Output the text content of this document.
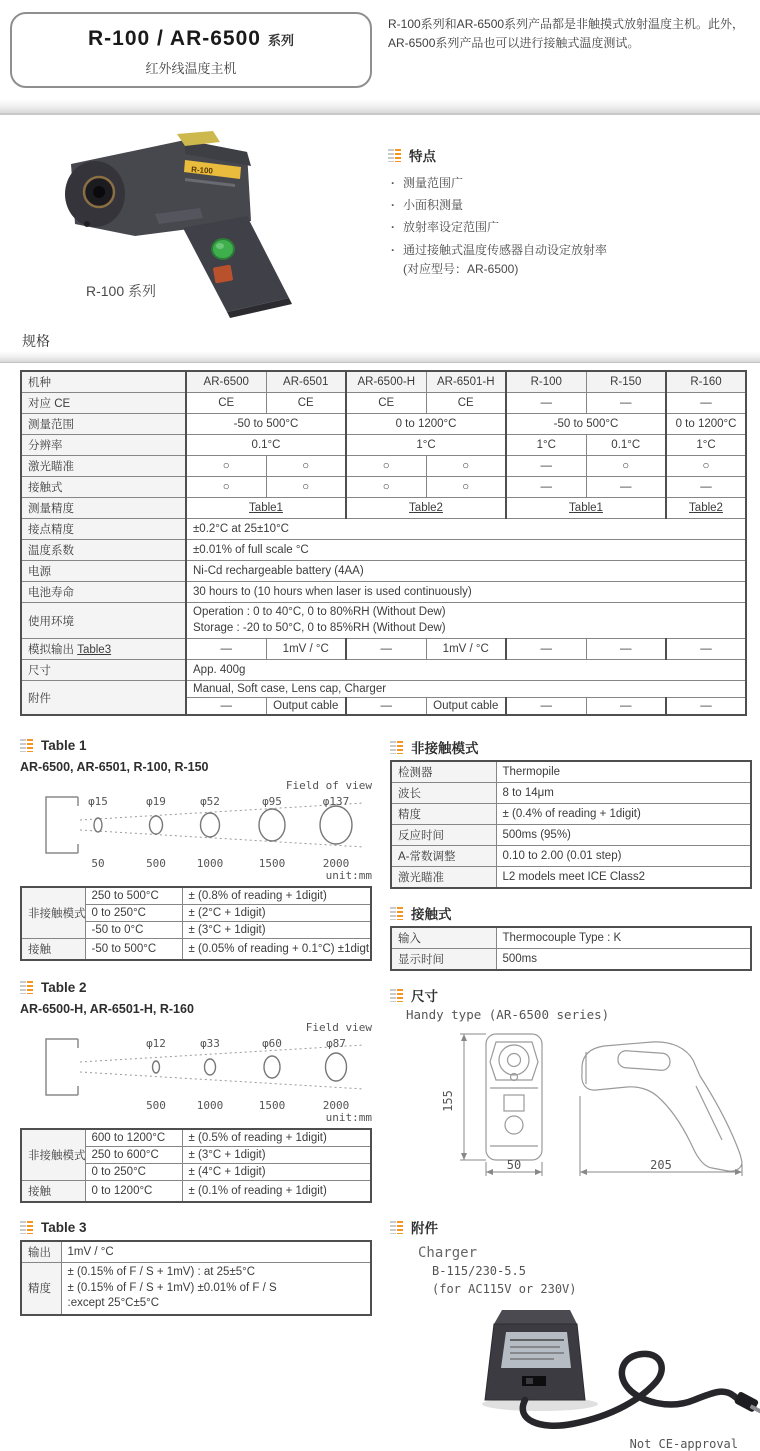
R-100 / AR-6500 系列
红外线温度主机
R-100系列和AR-6500系列产品都是非触摸式放射温度主机。此外，
AR-6500系列产品也可以进行接触式温度测试。
R-100
R-100 系列
特点
· 测量范围广
· 小面积测量
· 放射率设定范围广
· 通过接触式温度传感器自动设定放射率
(对应型号：AR-6500)
规格
机种	AR-6500	AR-6501	AR-6500-H	AR-6501-H	R-100	R-150	R-160
对应 CE	CE	CE	CE	CE	—	—	—
测量范围	-50 to 500°C		0 to 1200°C		-50 to 500°C		0 to 1200°C
分辨率	0.1°C		1°C		1°C	0.1°C	1°C
激光瞄准	○	○	○	○	—	○	○
接触式	○	○	○	○	—	—	—
测量精度	Table1		Table2		Table1		Table2
接点精度	±0.2°C at 25±10°C						
温度系数	±0.01% of full scale °C						
电源	Ni-Cd rechargeable battery (4AA)						
电池寿命	30 hours to (10 hours when laser is used continuously)						
使用环境	Operation : 0 to 40°C, 0 to 80%RH (Without Dew)
Storage : -20 to 50°C, 0 to 85%RH (Without Dew)						

模拟输出 Table3	—	1mV / °C	—	1mV / °C	—	—	—
尺寸	App. 400g						
附件	Manual, Soft case, Lens cap, Charger						
	—	Output cable	—	Output cable	—	—	—
Table 1
AR-6500, AR-6501, R-100, R-150
Field of view
φ15
50
φ19
500
φ52
1000
φ95
1500
φ137
2000
unit:mm
非接触模式	250 to 500°C	± (0.8% of reading + 1digit)
	0 to 250°C	± (2°C + 1digit)
	-50 to 0°C	± (3°C + 1digit)
接触	-50 to 500°C	± (0.05% of reading + 0.1°C) ±1digt
Table 2
AR-6500-H, AR-6501-H, R-160
Field view
φ12
500
φ33
1000
φ60
1500
φ87
2000
unit:mm
非接触模式	600 to 1200°C	± (0.5% of reading + 1digit)
	250 to 600°C	± (3°C + 1digit)
	0 to 250°C	± (4°C + 1digit)
接触	0 to 1200°C	± (0.1% of reading + 1digit)
Table 3
输出	1mV / °C
精度	± (0.15% of F / S + 1mV) : at 25±5°C
± (0.15% of F / S + 1mV) ±0.01% of F / S
:except 25°C±5°C
非接触模式
检测器	Thermopile
波长	8 to 14μm
精度	± (0.4% of reading + 1digit)
反应时间	500ms (95%)
A-常数调整	0.10 to 2.00 (0.01 step)
激光瞄准	L2 models meet ICE Class2
接触式
输入	Thermocouple Type : K
显示时间	500ms
尺寸
Handy type (AR-6500 series)
155
50	205
附件
Charger
B-115/230-5.5
(for AC115V or 230V)
Not CE-approval
